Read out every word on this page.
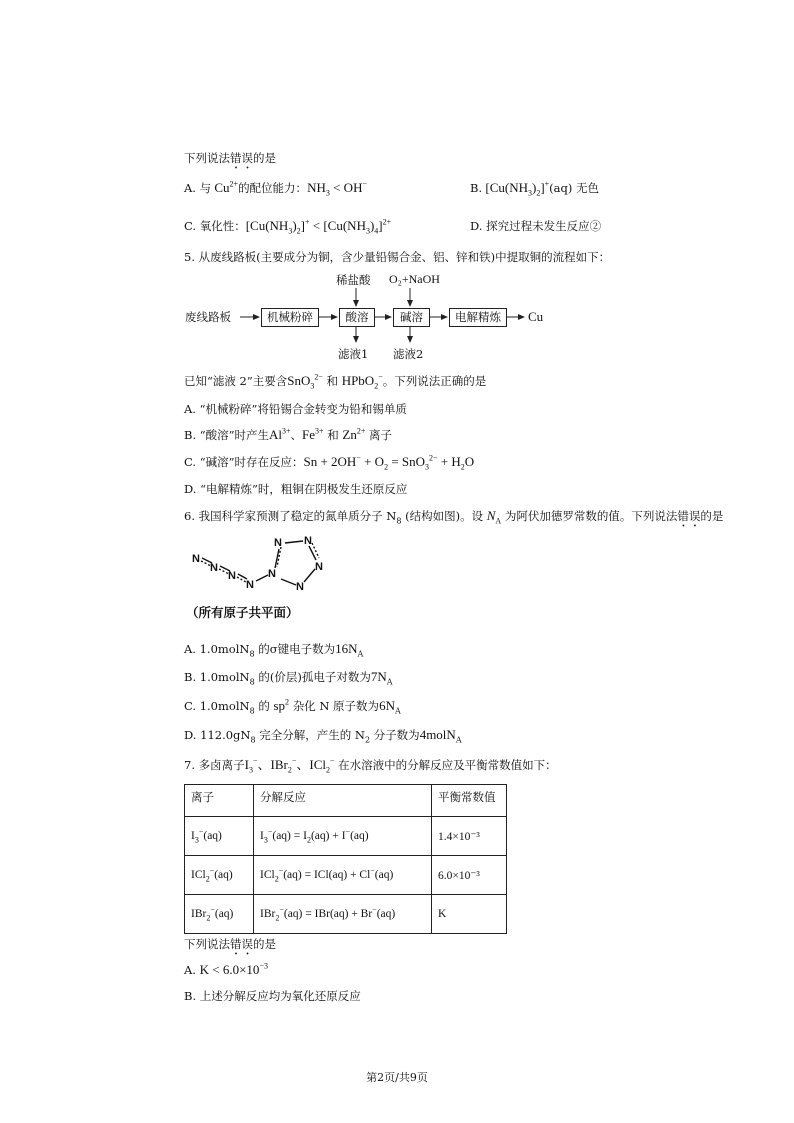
下列说法错误的是
A. 与 $Cu^{2+}$的配位能力：$NH_3 < OH^-$	B. $[Cu(NH_3)_2]^+(aq)$ 无色
C. 氧化性：$[Cu(NH_3)_2]^+ < [Cu(NH_3)_4]^{2+}$	D. 探究过程未发生反应②
5. 从废线路板(主要成分为铜，含少量铅锡合金、铝、锌和铁)中提取铜的流程如下：
废线路板	机械粉碎	酸溶	碱溶	电解精炼	Cu
稀盐酸 O₂+NaOH
滤液1 滤液2
已知“滤液 2”主要含SnO$_3^{2-}$ 和 HPbO$_2$−。下列说法正确的是
A. “机械粉碎”将铅锡合金转变为铅和锡单质
B. “酸溶”时产生$Al^{3+}$、$Fe^{3+}$ 和 $Zn^{2+}$ 离子
C. “碱溶”时存在反应：$Sn + 2OH^- + O_2 = SnO_3^{2-} + H_2O$
D. “电解精炼”时，粗铜在阴极发生还原反应
6. 我国科学家预测了稳定的氮单质分子 $N_8$ (结构如图)。设 $N_A$ 为阿伏加德罗常数的值。下列说法错误的是
N
N
N
N
N
N N
N
N
（所有原子共平面）
A. 1.0molN$_8$ 的σ键电子数为$16N_A$
B. 1.0molN$_8$ 的(价层)孤电子对数为$7N_A$
C. 1.0molN$_8$ 的 $sp^2$ 杂化 N 原子数为$6N_A$
D. $112.0gN_8$ 完全分解，产生的 $N_2$ 分子数为4molN$_A$
7. 多卤离子$I_3^-$、IBr$_2$−、ICl$_2$− 在水溶液中的分解反应及平衡常数值如下：
离子	分解反应	平衡常数值
$I_3^-(aq)$	$I_3^-(aq) = I_2(aq) + I^-(aq)$	1.4×10⁻³
ICl$_2$−(aq)	ICl$_2$−(aq) = ICl(aq) + Cl−(aq)	6.0×10⁻³
IBr$_2$−(aq)	IBr$_2$−(aq) = IBr(aq) + Br−(aq)	K
下列说法错误的是
A. $K < 6.0\times 10^{-3}$
B. 上述分解反应均为氧化还原反应
第2页/共9页
